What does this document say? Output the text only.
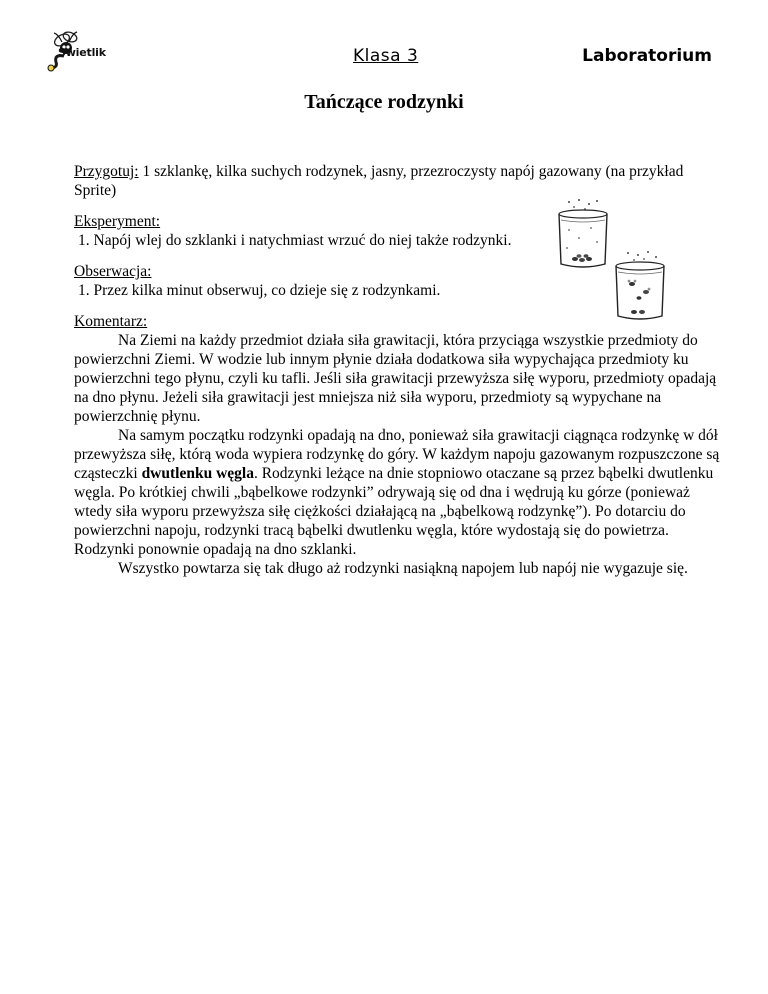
Swietlik	Klasa 3	Laboratorium
Tańczące rodzynki

Przygotuj: 1 szklankę, kilka suchych rodzynek, jasny, przezroczysty napój gazowany (na przykład Sprite)

Eksperyment:

1. Napój wlej do szklanki i natychmiast wrzuć do niej także rodzynki.

Obserwacja:

1. Przez kilka minut obserwuj, co dzieje się z rodzynkami.

Komentarz:

Na Ziemi na każdy przedmiot działa siła grawitacji, która przyciąga wszystkie przedmioty do powierzchni Ziemi. W wodzie lub innym płynie działa dodatkowa siła wypychająca przedmioty ku powierzchni tego płynu, czyli ku tafli. Jeśli siła grawitacji przewyższa siłę wyporu, przedmioty opadają na dno płynu. Jeżeli siła grawitacji jest mniejsza niż siła wyporu, przedmioty są wypychane na powierzchnię płynu.

Na samym początku rodzynki opadają na dno, ponieważ siła grawitacji ciągnąca rodzynkę w dół przewyższa siłę, którą woda wypiera rodzynkę do góry. W każdym napoju gazowanym rozpuszczone są cząsteczki dwutlenku węgla. Rodzynki leżące na dnie stopniowo otaczane są przez bąbelki dwutlenku węgla. Po krótkiej chwili „bąbelkowe rodzynki” odrywają się od dna i wędrują ku górze (ponieważ wtedy siła wyporu przewyższa siłę ciężkości działającą na „bąbelkową rodzynkę”). Po dotarciu do powierzchni napoju, rodzynki tracą bąbelki dwutlenku węgla, które wydostają się do powietrza. Rodzynki ponownie opadają na dno szklanki.

Wszystko powtarza się tak długo aż rodzynki nasiąkną napojem lub napój nie wygazuje się.
